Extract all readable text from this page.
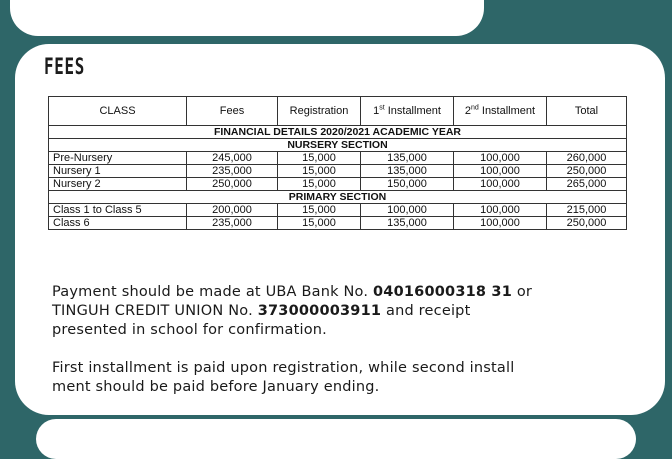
FEES
FINANCIAL DETAILS 2020/2021 ACADEMIC YEAR					
NURSERY SECTION					
CLASS	Fees	Registration	1st Installment	2nd Installment	Total
Pre-Nursery	245,000	15,000	135,000	100,000	260,000
Nursery 1	235,000	15,000	135,000	100,000	250,000
Nursery 2	250,000	15,000	150,000	100,000	265,000
PRIMARY SECTION					
Class 1 to Class 5	200,000	15,000	100,000	100,000	215,000
Class 6	235,000	15,000	135,000	100,000	250,000

Payment should be made at UBA Bank No. 04016000318 31 or
TINGUH CREDIT UNION No. 373000003911 and receipt
presented in school for confirmation.

First installment is paid upon registration, while second install
ment should be paid before January ending.
